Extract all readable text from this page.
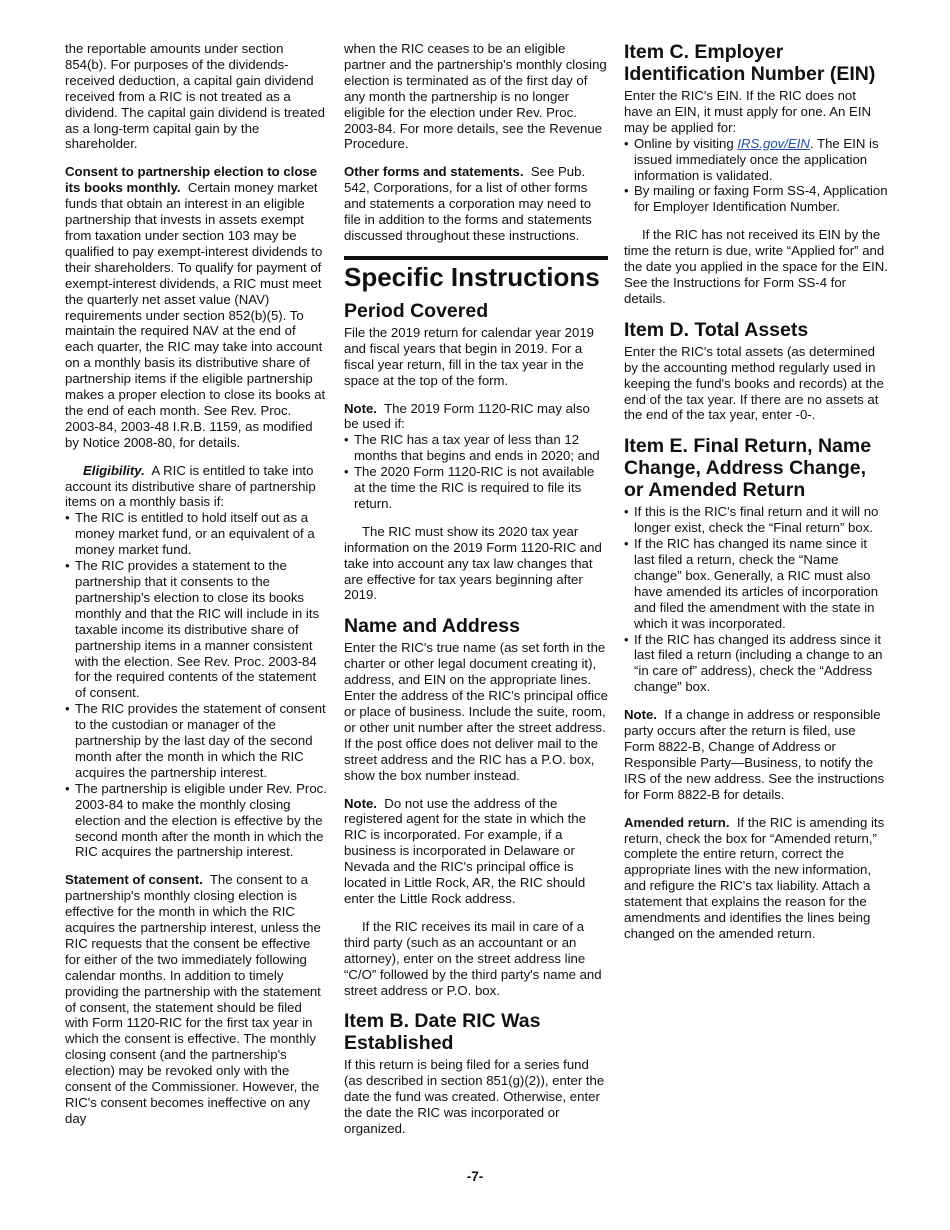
the reportable amounts under section 854(b). For purposes of the dividends-received deduction, a capital gain dividend received from a RIC is not treated as a dividend. The capital gain dividend is treated as a long-term capital gain by the shareholder.

Consent to partnership election to close its books monthly. Certain money market funds that obtain an interest in an eligible partnership that invests in assets exempt from taxation under section 103 may be qualified to pay exempt-interest dividends to their shareholders. To qualify for payment of exempt-interest dividends, a RIC must meet the quarterly net asset value (NAV) requirements under section 852(b)(5). To maintain the required NAV at the end of each quarter, the RIC may take into account on a monthly basis its distributive share of partnership items if the eligible partnership makes a proper election to close its books at the end of each month. See Rev. Proc. 2003-84, 2003-48 I.R.B. 1159, as modified by Notice 2008-80, for details.

Eligibility. A RIC is entitled to take into account its distributive share of partnership items on a monthly basis if:

• The RIC is entitled to hold itself out as a money market fund, or an equivalent of a money market fund.
• The RIC provides a statement to the partnership that it consents to the partnership's election to close its books monthly and that the RIC will include in its taxable income its distributive share of partnership items in a manner consistent with the election. See Rev. Proc. 2003-84 for the required contents of the statement of consent.
• The RIC provides the statement of consent to the custodian or manager of the partnership by the last day of the second month after the month in which the RIC acquires the partnership interest.
• The partnership is eligible under Rev. Proc. 2003-84 to make the monthly closing election and the election is effective by the second month after the month in which the RIC acquires the partnership interest.

Statement of consent. The consent to a partnership's monthly closing election is effective for the month in which the RIC acquires the partnership interest, unless the RIC requests that the consent be effective for either of the two immediately following calendar months. In addition to timely providing the partnership with the statement of consent, the statement should be filed with Form 1120-RIC for the first tax year in which the consent is effective. The monthly closing consent (and the partnership's election) may be revoked only with the consent of the Commissioner. However, the RIC's consent becomes ineffective on any day

when the RIC ceases to be an eligible partner and the partnership's monthly closing election is terminated as of the first day of any month the partnership is no longer eligible for the election under Rev. Proc. 2003-84. For more details, see the Revenue Procedure.

Other forms and statements. See Pub. 542, Corporations, for a list of other forms and statements a corporation may need to file in addition to the forms and statements discussed throughout these instructions.

Specific Instructions
Period Covered

File the 2019 return for calendar year 2019 and fiscal years that begin in 2019. For a fiscal year return, fill in the tax year in the space at the top of the form.

Note. The 2019 Form 1120-RIC may also be used if:

• The RIC has a tax year of less than 12 months that begins and ends in 2020; and
• The 2020 Form 1120-RIC is not available at the time the RIC is required to file its return.

The RIC must show its 2020 tax year information on the 2019 Form 1120-RIC and take into account any tax law changes that are effective for tax years beginning after 2019.

Name and Address

Enter the RIC's true name (as set forth in the charter or other legal document creating it), address, and EIN on the appropriate lines. Enter the address of the RIC's principal office or place of business. Include the suite, room, or other unit number after the street address. If the post office does not deliver mail to the street address and the RIC has a P.O. box, show the box number instead.

Note. Do not use the address of the registered agent for the state in which the RIC is incorporated. For example, if a business is incorporated in Delaware or Nevada and the RIC's principal office is located in Little Rock, AR, the RIC should enter the Little Rock address.

If the RIC receives its mail in care of a third party (such as an accountant or an attorney), enter on the street address line “C/O” followed by the third party's name and street address or P.O. box.

Item B. Date RIC Was Established

If this return is being filed for a series fund (as described in section 851(g)(2)), enter the date the fund was created. Otherwise, enter the date the RIC was incorporated or organized.

Item C. Employer Identification Number (EIN)

Enter the RIC's EIN. If the RIC does not have an EIN, it must apply for one. An EIN may be applied for:

• Online by visiting IRS.gov/EIN. The EIN is issued immediately once the application information is validated.
• By mailing or faxing Form SS-4, Application for Employer Identification Number.

If the RIC has not received its EIN by the time the return is due, write “Applied for” and the date you applied in the space for the EIN. See the Instructions for Form SS-4 for details.

Item D. Total Assets

Enter the RIC's total assets (as determined by the accounting method regularly used in keeping the fund's books and records) at the end of the tax year. If there are no assets at the end of the tax year, enter -0-.

Item E. Final Return, Name Change, Address Change, or Amended Return
• If this is the RIC's final return and it will no longer exist, check the “Final return” box.
• If the RIC has changed its name since it last filed a return, check the “Name change” box. Generally, a RIC must also have amended its articles of incorporation and filed the amendment with the state in which it was incorporated.
• If the RIC has changed its address since it last filed a return (including a change to an “in care of” address), check the “Address change” box.

Note. If a change in address or responsible party occurs after the return is filed, use Form 8822-B, Change of Address or Responsible Party—Business, to notify the IRS of the new address. See the instructions for Form 8822-B for details.

Amended return. If the RIC is amending its return, check the box for “Amended return,” complete the entire return, correct the appropriate lines with the new information, and refigure the RIC's tax liability. Attach a statement that explains the reason for the amendments and identifies the lines being changed on the amended return.

-7-
